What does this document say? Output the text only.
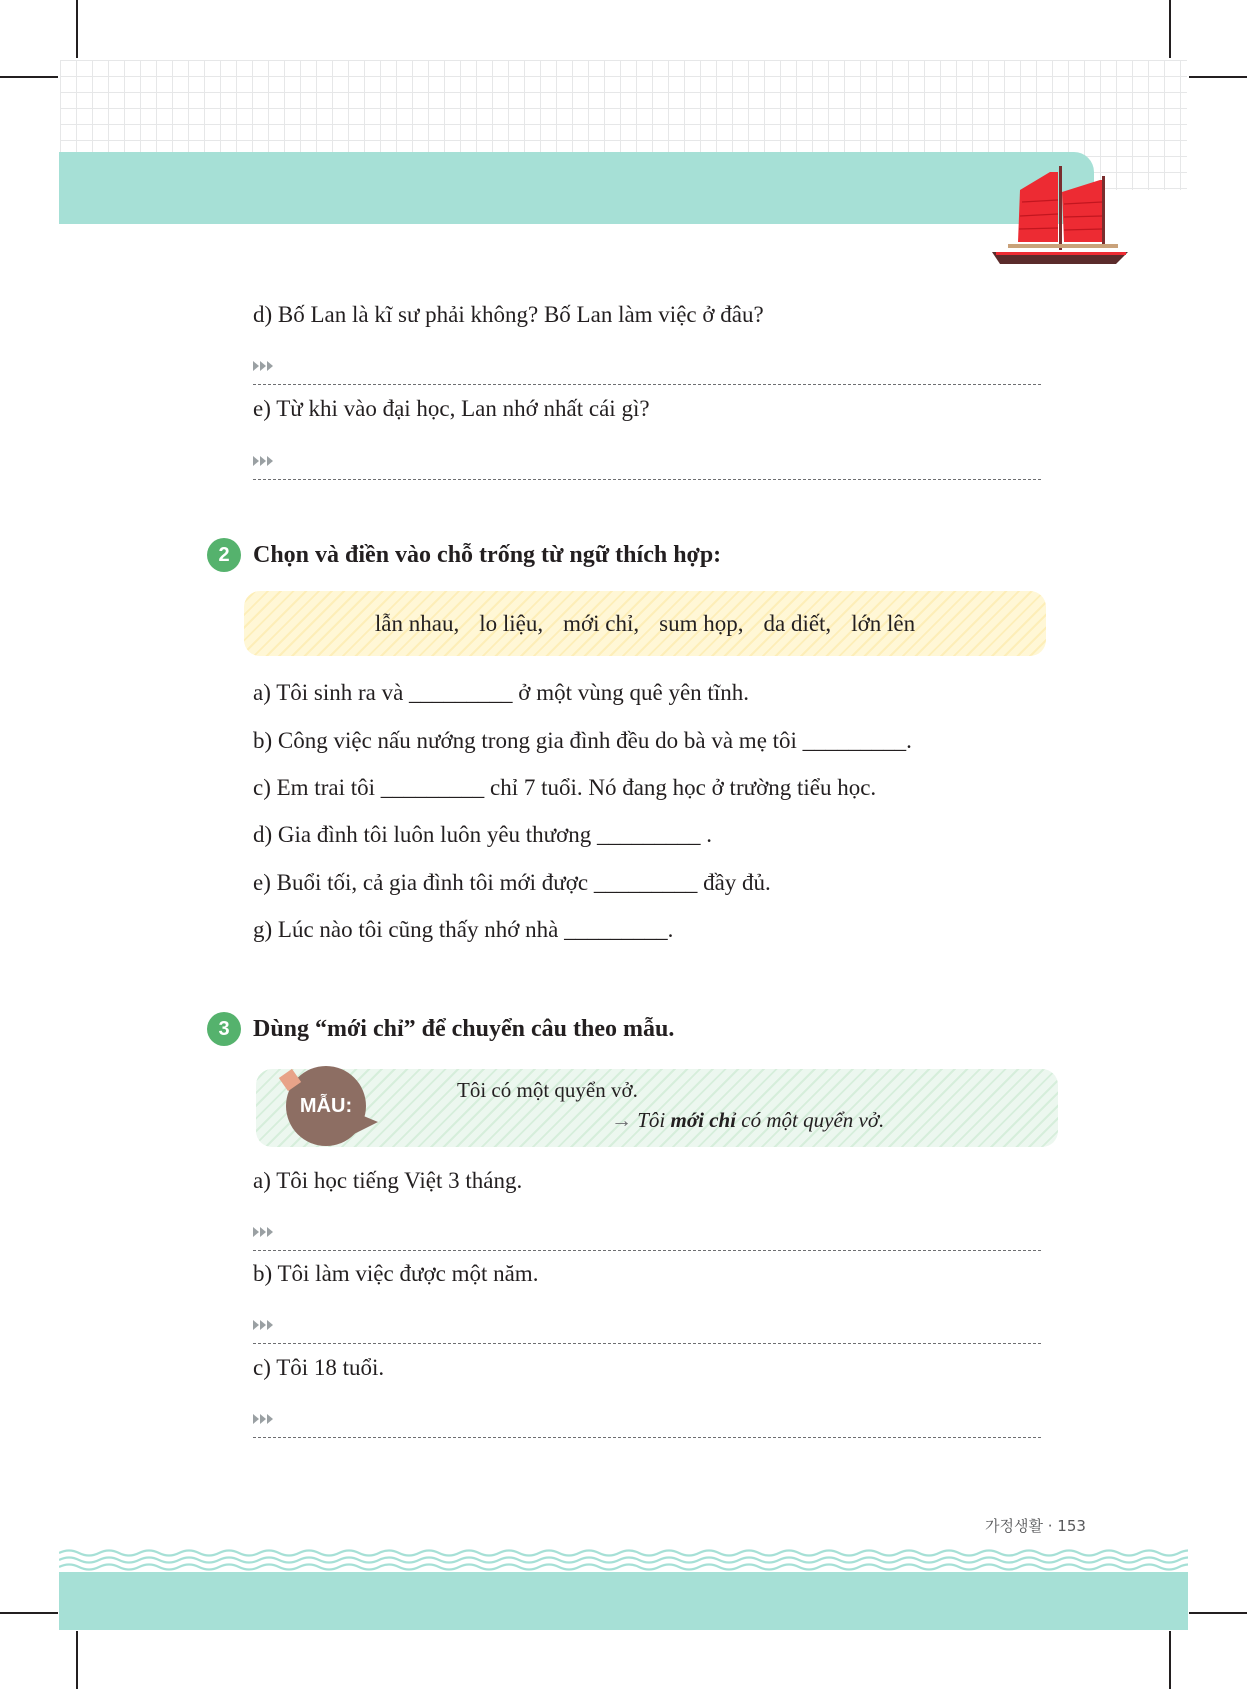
d) Bố Lan là kĩ sư phải không? Bố Lan làm việc ở đâu?
e) Từ khi vào đại học, Lan nhớ nhất cái gì?
2 Chọn và điền vào chỗ trống từ ngữ thích hợp:
lẫn nhau, lo liệu, mới chỉ, sum họp, da diết, lớn lên
a) Tôi sinh ra và _________ ở một vùng quê yên tĩnh.
b) Công việc nấu nướng trong gia đình đều do bà và mẹ tôi _________.
c) Em trai tôi _________ chỉ 7 tuổi. Nó đang học ở trường tiểu học.
d) Gia đình tôi luôn luôn yêu thương _________ .
e) Buổi tối, cả gia đình tôi mới được _________ đầy đủ.
g) Lúc nào tôi cũng thấy nhớ nhà _________.
3 Dùng “mới chỉ” để chuyển câu theo mẫu.
MẪU:
Tôi có một quyển vở.
→ Tôi mới chỉ có một quyển vở.
a) Tôi học tiếng Việt 3 tháng.
b) Tôi làm việc được một năm.
c) Tôi 18 tuổi.
가정생활 · 153
